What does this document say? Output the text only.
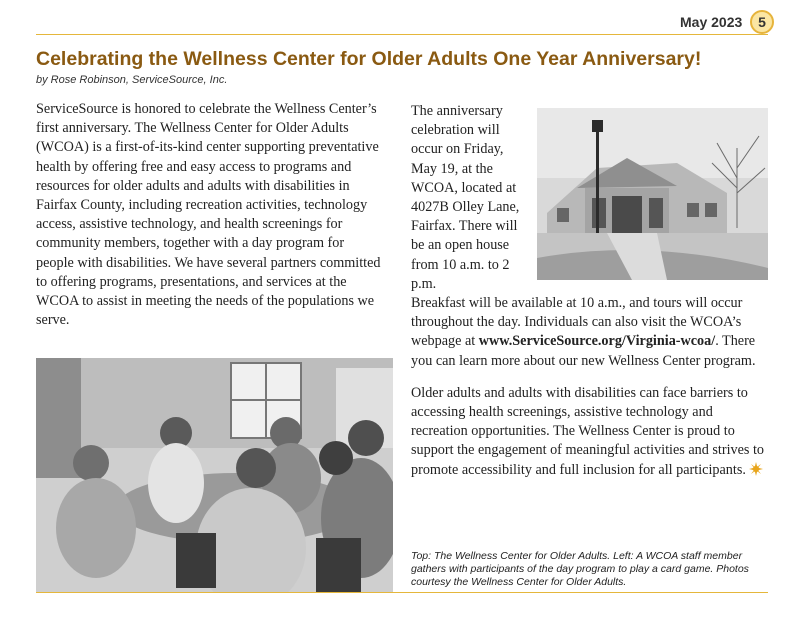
May 2023	5
Celebrating the Wellness Center for Older Adults One Year Anniversary!
by Rose Robinson, ServiceSource, Inc.

ServiceSource is honored to celebrate the Wellness Center’s first anniversary. The Wellness Center for Older Adults (WCOA) is a first-of-its-kind center supporting preventative health by offering free and easy access to programs and resources for older adults and adults with disabilities in Fairfax County, including recreation activities, technology access, assistive technology, and health screenings for community members, together with a day program for people with disabilities. We have several partners committed to offering programs, presentations, and services at the WCOA to assist in meeting the needs of the populations we serve.

The anniversary celebration will occur on Friday, May 19, at the WCOA, located at 4027B Olley Lane, Fairfax. There will be an open house from 10 a.m. to 2 p.m.

Breakfast will be available at 10 a.m., and tours will occur throughout the day. Individuals can also visit the WCOA’s webpage at www.ServiceSource.org/Virginia-wcoa/. There you can learn more about our new Wellness Center program.

Older adults and adults with disabilities can face barriers to accessing health screenings, assistive technology and recreation opportunities. The Wellness Center is proud to support the engagement of meaningful activities and strives to promote accessibility and full inclusion for all participants.

Top: The Wellness Center for Older Adults. Left: A WCOA staff member gathers with participants of the day program to play a card game. Photos courtesy the Wellness Center for Older Adults.
